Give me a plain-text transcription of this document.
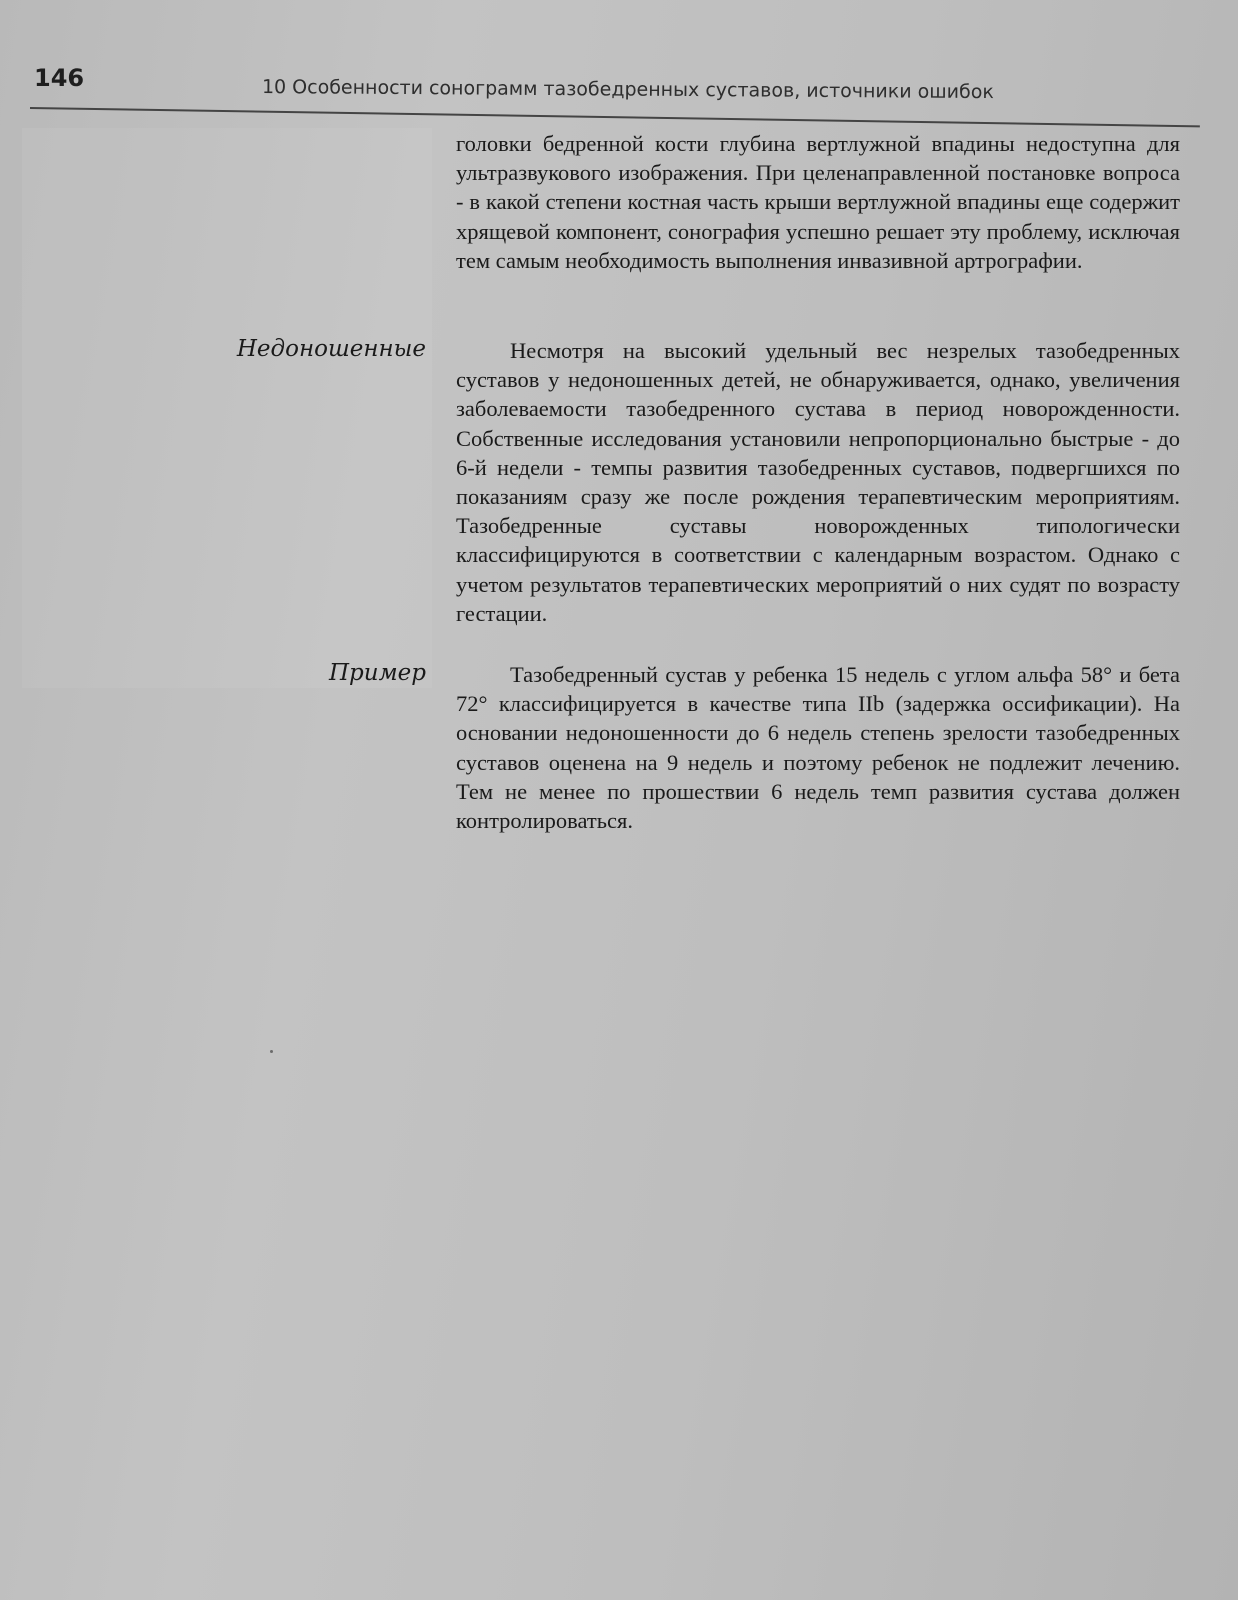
146	10 Особенности сонограмм тазобедренных суставов, источники ошибок

головки бедренной кости глубина вертлужной впадины недоступна для ультразвукового изображения. При целенаправленной постановке вопроса - в какой степени костная часть крыши вертлужной впадины еще содержит хрящевой компонент, сонография успешно решает эту проблему, исключая тем самым необходимость выполнения инвазивной артрографии.

Недоношенные	Несмотря на высокий удельный вес незрелых тазобедренных суставов у недоношенных детей, не обнаруживается, однако, увеличения заболеваемости тазобедренного сустава в период новорожденности. Собственные исследования установили непропорционально быстрые - до 6-й недели - темпы развития тазобедренных суставов, подвергшихся по показаниям сразу же после рождения терапевтическим мероприятиям. Тазобедренные суставы новорожденных типологически классифицируются в соответствии с календарным возрастом. Однако с учетом результатов терапевтических мероприятий о них судят по возрасту гестации.

Пример	Тазобедренный сустав у ребенка 15 недель с углом альфа 58° и бета 72° классифицируется в качестве типа IIb (задержка оссификации). На основании недоношенности до 6 недель степень зрелости тазобедренных суставов оценена на 9 недель и поэтому ребенок не подлежит лечению. Тем не менее по прошествии 6 недель темп развития сустава должен контролироваться.
